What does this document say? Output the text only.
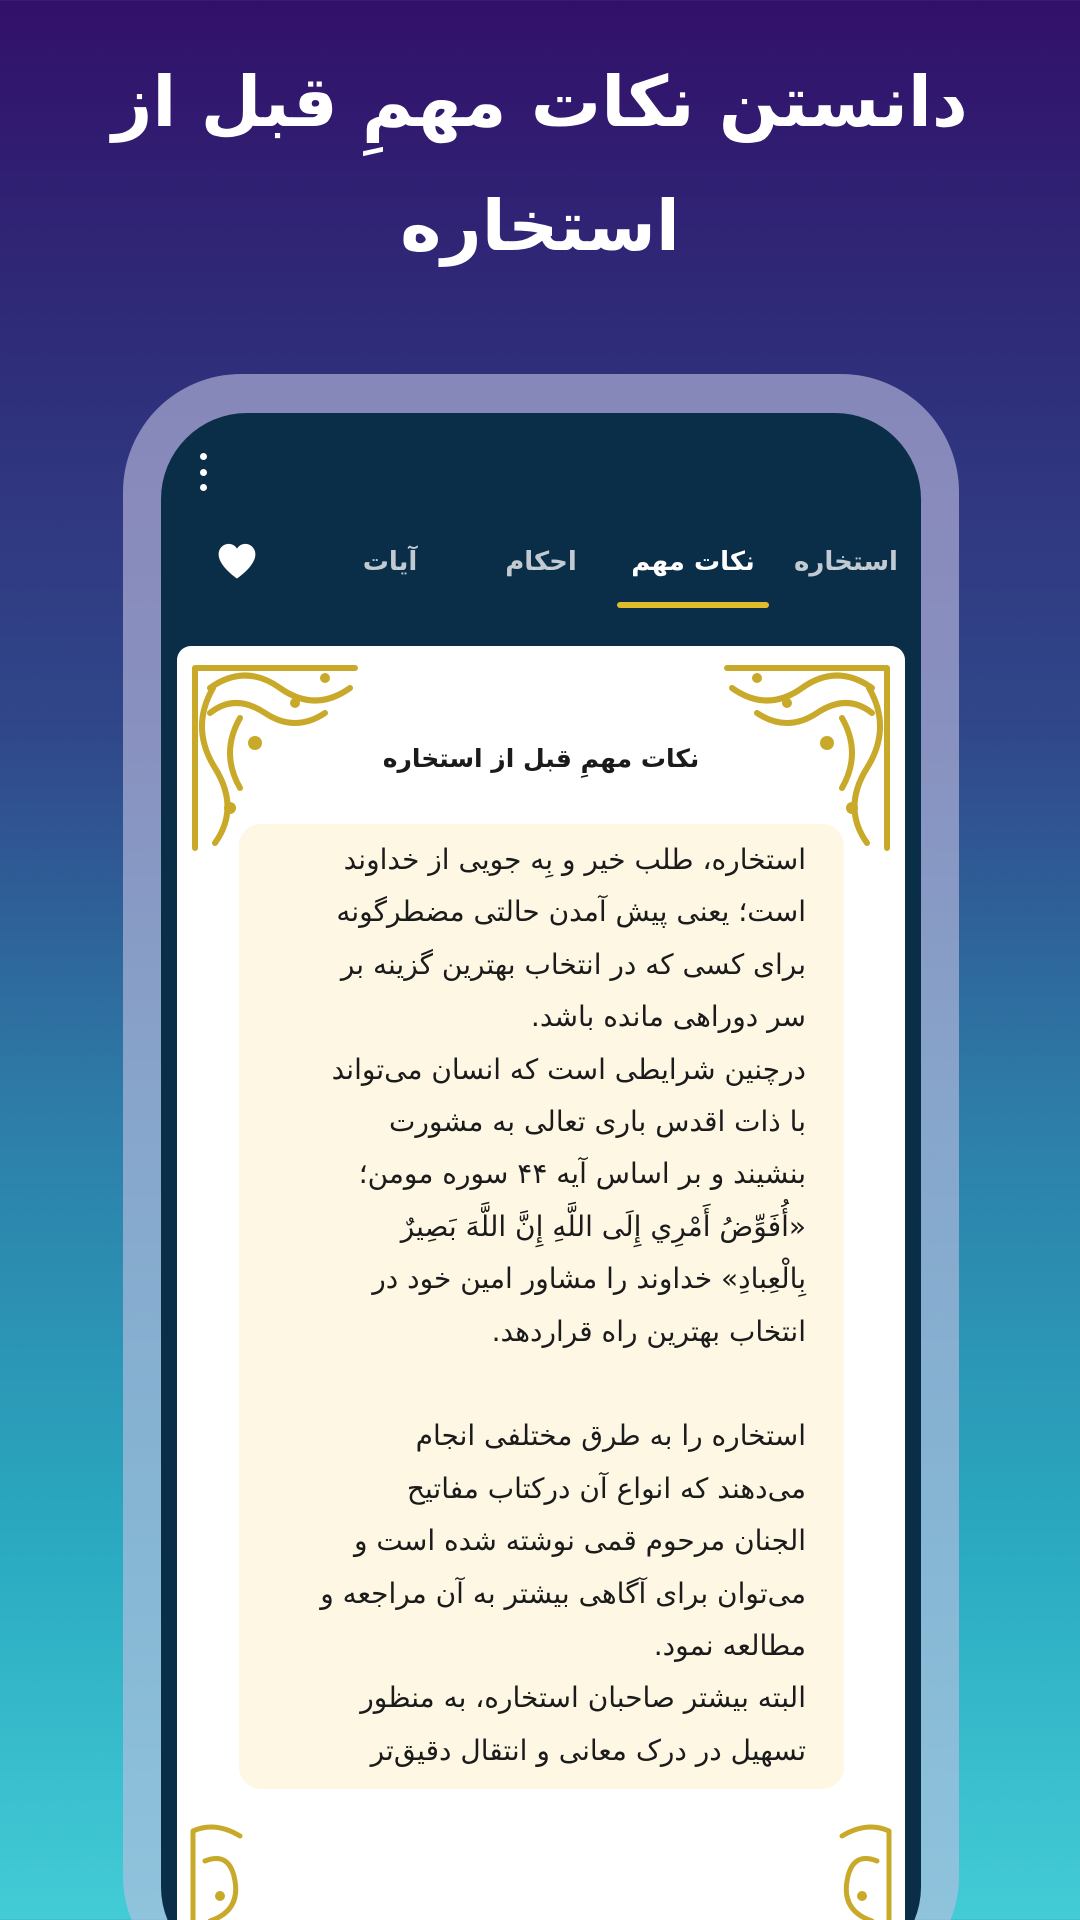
دانستن نکات مهمِ قبل از
استخاره
استخاره
نکات مهم
احکام
آیات
نکات مهمِ قبل از استخاره
استخاره، طلب خیر و بِه جویی از خداوند
است؛ یعنی پیش آمدن حالتی مضطرگونه
برای کسی که در انتخاب بهترین گزینه بر
سر دوراهی مانده باشد.
درچنین شرایطی است که انسان می‌تواند
با ذات اقدس باری تعالی به مشورت
بنشیند و بر اساس آیه ۴۴ سوره مومن؛
«أُفَوِّضُ أَمْرِي إِلَى اللَّهِ إِنَّ اللَّهَ بَصِيرٌ
بِالْعِبادِ» خداوند را مشاور امین خود در
انتخاب بهترین راه قراردهد.
استخاره را به طرق مختلفی انجام
می‌دهند که انواع آن درکتاب مفاتیح
الجنان مرحوم قمی نوشته شده است و
می‌توان برای آگاهی بیشتر به آن مراجعه و
مطالعه نمود.
البته بیشتر صاحبان استخاره، به منظور
تسهیل در درک معانی و انتقال دقیق‌تر
